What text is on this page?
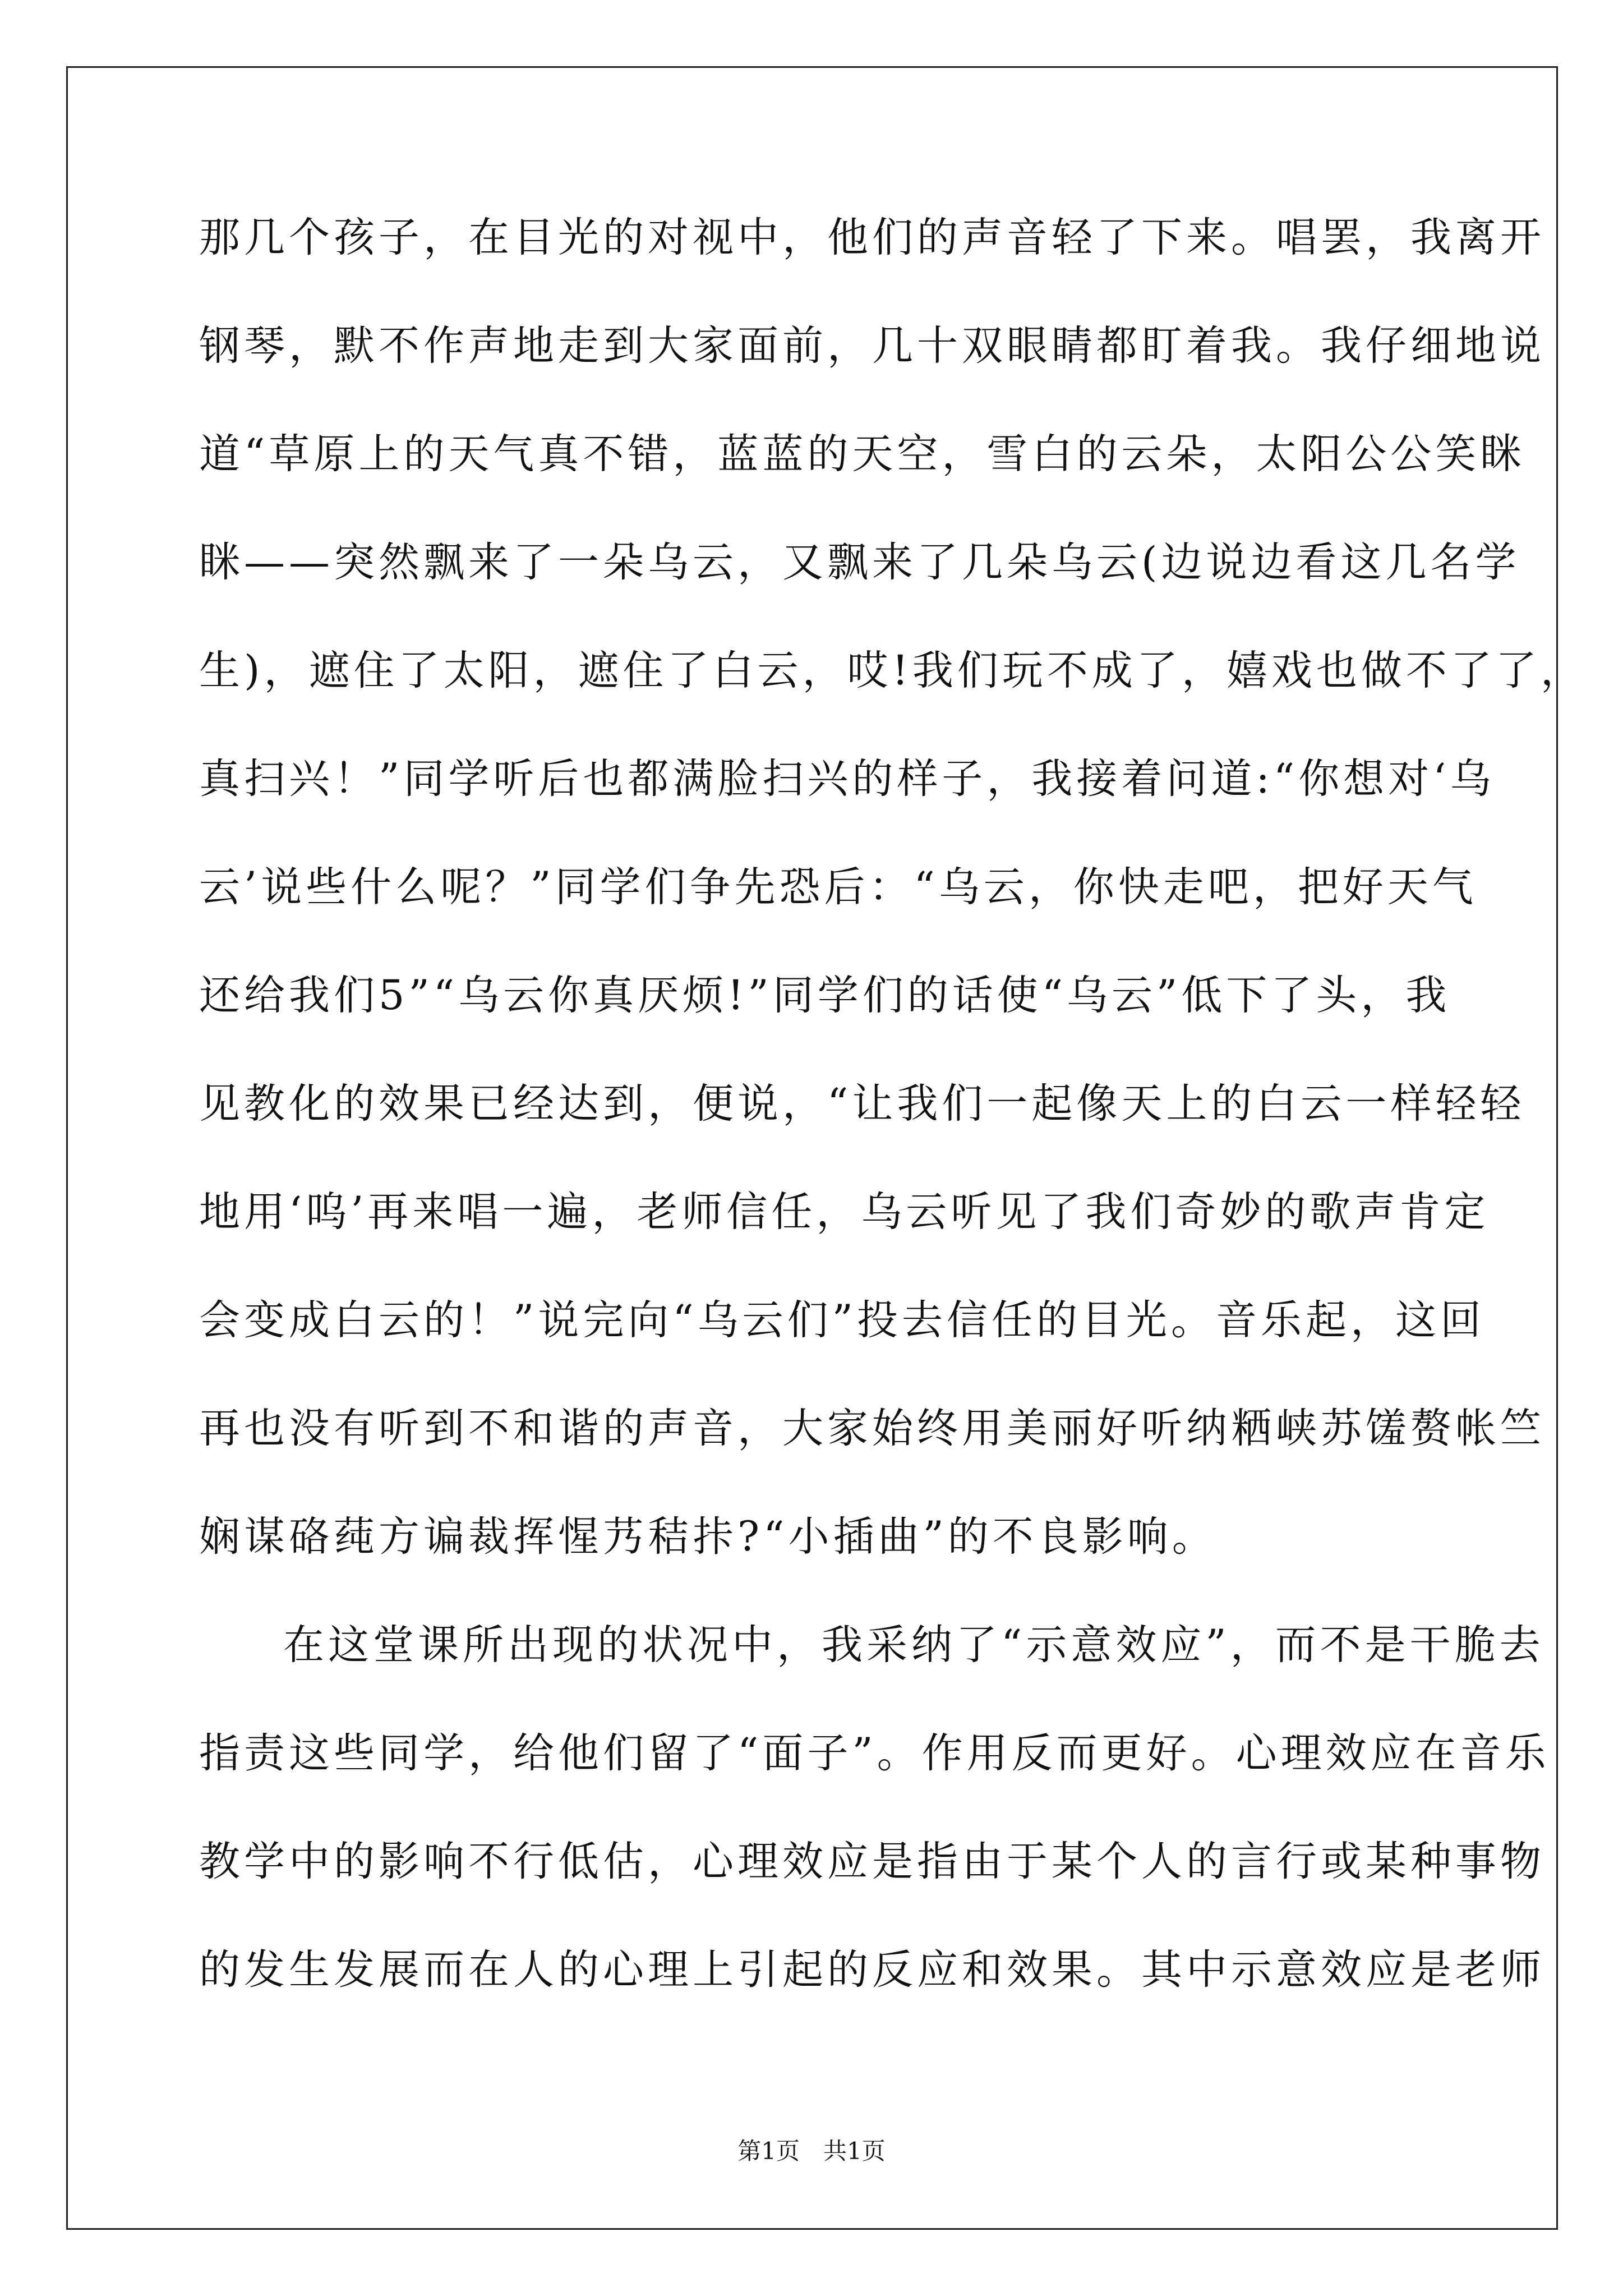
那几个孩子，在目光的对视中，他们的声音轻了下来。唱罢，我离开
钢琴，默不作声地走到大家面前，几十双眼睛都盯着我。我仔细地说
道“草原上的天气真不错，蓝蓝的天空，雪白的云朵，太阳公公笑眯
眯——突然飘来了一朵乌云，又飘来了几朵乌云(边说边看这几名学
生)，遮住了太阳，遮住了白云，哎!我们玩不成了，嬉戏也做不了了，
真扫兴！”同学听后也都满脸扫兴的样子，我接着问道:“你想对‘乌
云’说些什么呢？”同学们争先恐后：“乌云，你快走吧，把好天气
还给我们5”“乌云你真厌烦!”同学们的话使“乌云”低下了头，我
见教化的效果已经达到，便说，“让我们一起像天上的白云一样轻轻
地用‘呜’再来唱一遍，老师信任，乌云听见了我们奇妙的歌声肯定
会变成白云的！”说完向“乌云们”投去信任的目光。音乐起，这回
再也没有听到不和谐的声音，大家始终用美丽好听纳粞峡苏馐赘帐竺
娴谋硌莼方谝裁挥惺艿秸拤?“小插曲”的不良影响。
在这堂课所出现的状况中，我采纳了“示意效应”，而不是干脆去
指责这些同学，给他们留了“面子”。作用反而更好。心理效应在音乐
教学中的影响不行低估，心理效应是指由于某个人的言行或某种事物
的发生发展而在人的心理上引起的反应和效果。其中示意效应是老师
第1页　共1页
